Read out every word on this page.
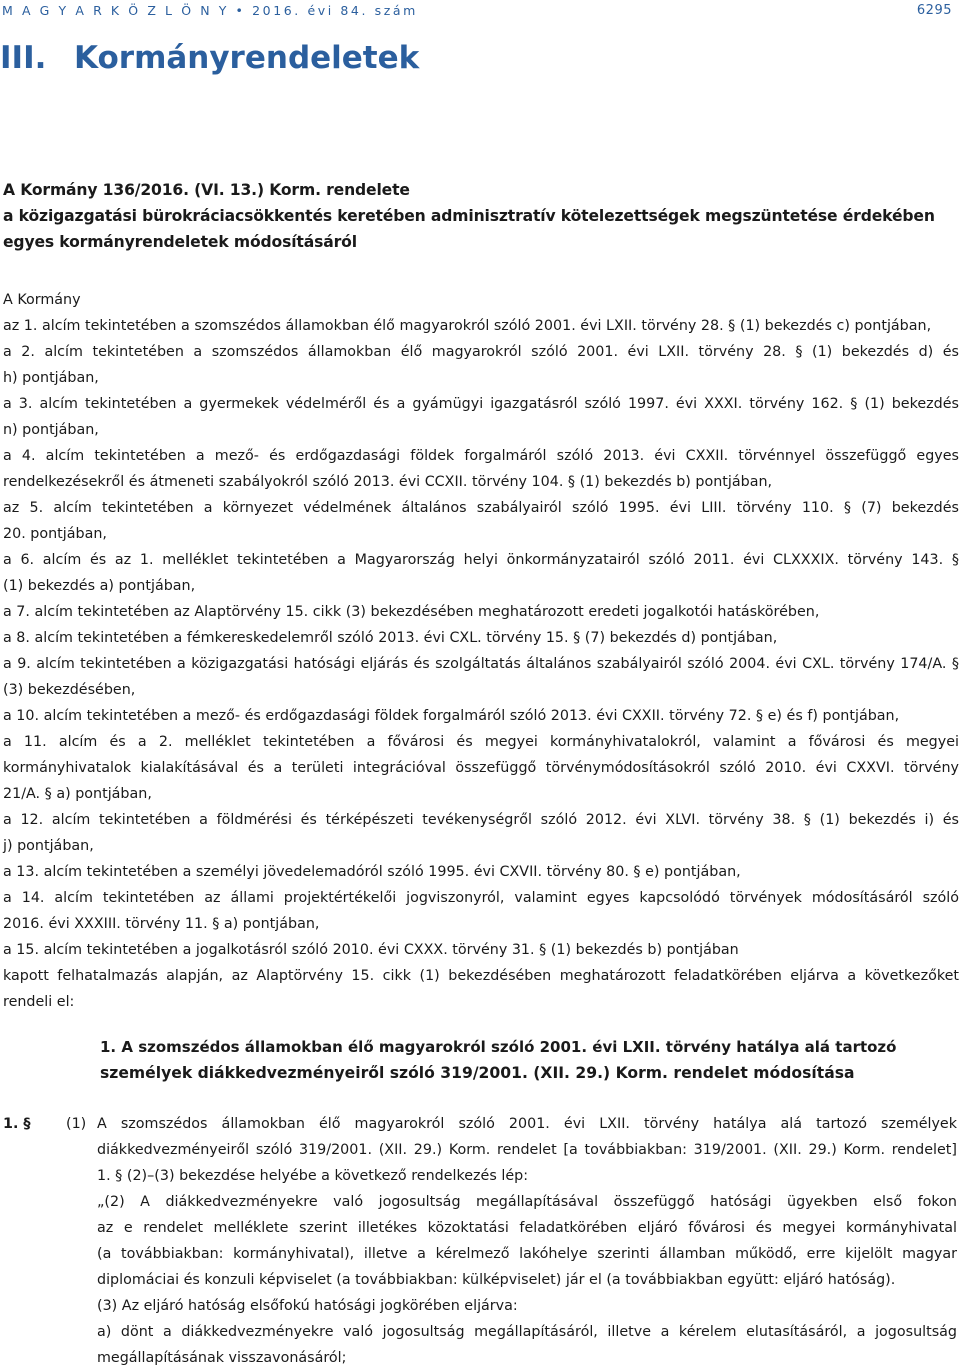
M A G Y A R K Ö Z L Ö N Y • 2016. évi 84. szám	6295
III. Kormányrendeletek
A Kormány 136/2016. (VI. 13.) Korm. rendelete
a közigazgatási bürokráciacsökkentés keretében adminisztratív kötelezettségek megszüntetése érdekében
egyes kormányrendeletek módosításáról
A Kormány
az 1. alcím tekintetében a szomszédos államokban élő magyarokról szóló 2001. évi LXII. törvény 28. § (1) bekezdés c) pontjában,
a 2. alcím tekintetében a szomszédos államokban élő magyarokról szóló 2001. évi LXII. törvény 28. § (1) bekezdés d) és
h) pontjában,
a 3. alcím tekintetében a gyermekek védelméről és a gyámügyi igazgatásról szóló 1997. évi XXXI. törvény 162. § (1) bekezdés
n) pontjában,
a 4. alcím tekintetében a mező- és erdőgazdasági földek forgalmáról szóló 2013. évi CXXII. törvénnyel összefüggő egyes
rendelkezésekről és átmeneti szabályokról szóló 2013. évi CCXII. törvény 104. § (1) bekezdés b) pontjában,
az 5. alcím tekintetében a környezet védelmének általános szabályairól szóló 1995. évi LIII. törvény 110. § (7) bekezdés
20. pontjában,
a 6. alcím és az 1. melléklet tekintetében a Magyarország helyi önkormányzatairól szóló 2011. évi CLXXXIX. törvény 143. §
(1) bekezdés a) pontjában,
a 7. alcím tekintetében az Alaptörvény 15. cikk (3) bekezdésében meghatározott eredeti jogalkotói hatáskörében,
a 8. alcím tekintetében a fémkereskedelemről szóló 2013. évi CXL. törvény 15. § (7) bekezdés d) pontjában,
a 9. alcím tekintetében a közigazgatási hatósági eljárás és szolgáltatás általános szabályairól szóló 2004. évi CXL. törvény 174/A. §
(3) bekezdésében,
a 10. alcím tekintetében a mező- és erdőgazdasági földek forgalmáról szóló 2013. évi CXXII. törvény 72. § e) és f) pontjában,
a 11. alcím és a 2. melléklet tekintetében a fővárosi és megyei kormányhivatalokról, valamint a fővárosi és megyei
kormányhivatalok kialakításával és a területi integrációval összefüggő törvénymódosításokról szóló 2010. évi CXXVI. törvény
21/A. § a) pontjában,
a 12. alcím tekintetében a földmérési és térképészeti tevékenységről szóló 2012. évi XLVI. törvény 38. § (1) bekezdés i) és
j) pontjában,
a 13. alcím tekintetében a személyi jövedelemadóról szóló 1995. évi CXVII. törvény 80. § e) pontjában,
a 14. alcím tekintetében az állami projektértékelői jogviszonyról, valamint egyes kapcsolódó törvények módosításáról szóló
2016. évi XXXIII. törvény 11. § a) pontjában,
a 15. alcím tekintetében a jogalkotásról szóló 2010. évi CXXX. törvény 31. § (1) bekezdés b) pontjában
kapott felhatalmazás alapján, az Alaptörvény 15. cikk (1) bekezdésében meghatározott feladatkörében eljárva a következőket
rendeli el:
1. A szomszédos államokban élő magyarokról szóló 2001. évi LXII. törvény hatálya alá tartozó
személyek diákkedvezményeiről szóló 319/2001. (XII. 29.) Korm. rendelet módosítása
1. § (1) A szomszédos államokban élő magyarokról szóló 2001. évi LXII. törvény hatálya alá tartozó személyek
diákkedvezményeiről szóló 319/2001. (XII. 29.) Korm. rendelet [a továbbiakban: 319/2001. (XII. 29.) Korm. rendelet]
1. § (2)–(3) bekezdése helyébe a következő rendelkezés lép:
„(2) A diákkedvezményekre való jogosultság megállapításával összefüggő hatósági ügyekben első fokon
az e rendelet melléklete szerint illetékes közoktatási feladatkörében eljáró fővárosi és megyei kormányhivatal
(a továbbiakban: kormányhivatal), illetve a kérelmező lakóhelye szerinti államban működő, erre kijelölt magyar
diplomáciai és konzuli képviselet (a továbbiakban: külképviselet) jár el (a továbbiakban együtt: eljáró hatóság).
(3) Az eljáró hatóság elsőfokú hatósági jogkörében eljárva:
a) dönt a diákkedvezményekre való jogosultság megállapításáról, illetve a kérelem elutasításáról, a jogosultság
megállapításának visszavonásáról;
